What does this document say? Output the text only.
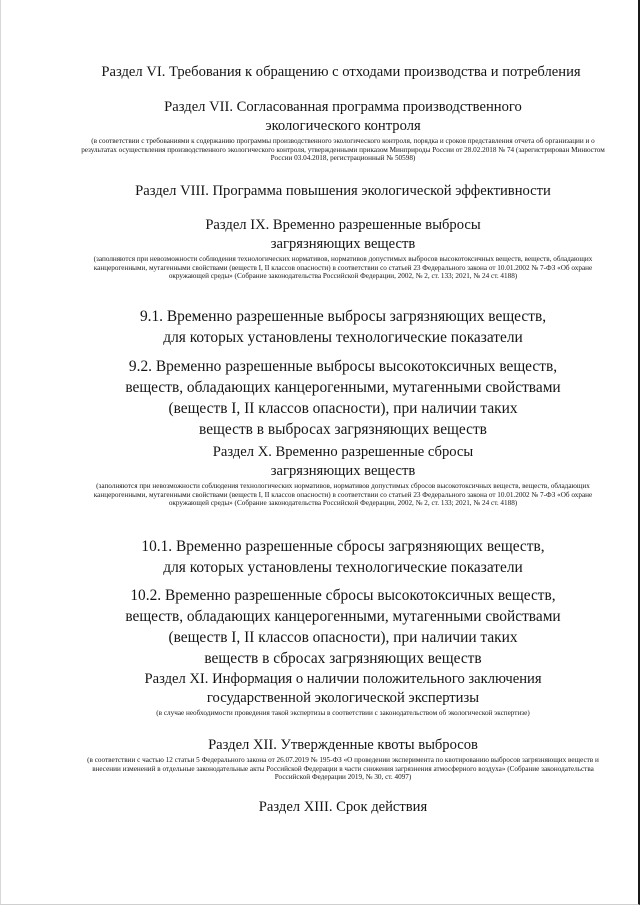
Раздел VI. Требования к обращению с отходами производства и потребления
Раздел VII. Согласованная программа производственного
экологического контроля
(в соответствии с требованиями к содержанию программы производственного экологического контроля, порядка и сроков представления отчета об организации и о результатах осуществления производственного экологического контроля, утвержденными приказом Минприроды России от 28.02.2018 № 74 (зарегистрирован Минюстом России 03.04.2018, регистрационный № 50598)
Раздел VIII. Программа повышения экологической эффективности
Раздел IX. Временно разрешенные выбросы
загрязняющих веществ
(заполняются при невозможности соблюдения технологических нормативов, нормативов допустимых выбросов высокотоксичных веществ, веществ, обладающих канцерогенными, мутагенными свойствами (веществ I, II классов опасности) в соответствии со статьей 23 Федерального закона от 10.01.2002 № 7-ФЗ «Об охране окружающей среды» (Собрание законодательства Российской Федерации, 2002, № 2, ст. 133; 2021, № 24 ст. 4188)
9.1. Временно разрешенные выбросы загрязняющих веществ,
для которых установлены технологические показатели
9.2. Временно разрешенные выбросы высокотоксичных веществ,
веществ, обладающих канцерогенными, мутагенными свойствами
(веществ I, II классов опасности), при наличии таких
веществ в выбросах загрязняющих веществ
Раздел X. Временно разрешенные сбросы
загрязняющих веществ
(заполняются при невозможности соблюдения технологических нормативов, нормативов допустимых сбросов высокотоксичных веществ, веществ, обладающих канцерогенными, мутагенными свойствами (веществ I, II классов опасности) в соответствии со статьей 23 Федерального закона от 10.01.2002 № 7-ФЗ «Об охране окружающей среды» (Собрание законодательства Российской Федерации, 2002, № 2, ст. 133; 2021, № 24 ст. 4188)
10.1. Временно разрешенные сбросы загрязняющих веществ,
для которых установлены технологические показатели
10.2. Временно разрешенные сбросы высокотоксичных веществ,
веществ, обладающих канцерогенными, мутагенными свойствами
(веществ I, II классов опасности), при наличии таких
веществ в сбросах загрязняющих веществ
Раздел XI. Информация о наличии положительного заключения
государственной экологической экспертизы
(в случае необходимости проведения такой экспертизы в соответствии с законодательством об экологической экспертизе)
Раздел XII. Утвержденные квоты выбросов
(в соответствии с частью 12 статьи 5 Федерального закона от 26.07.2019 № 195-ФЗ «О проведении эксперимента по квотированию выбросов загрязняющих веществ и внесении изменений в отдельные законодательные акты Российской Федерации в части снижения загрязнения атмосферного воздуха» (Собрание законодательства Российской Федерации 2019, № 30, ст. 4097)
Раздел XIII. Срок действия
